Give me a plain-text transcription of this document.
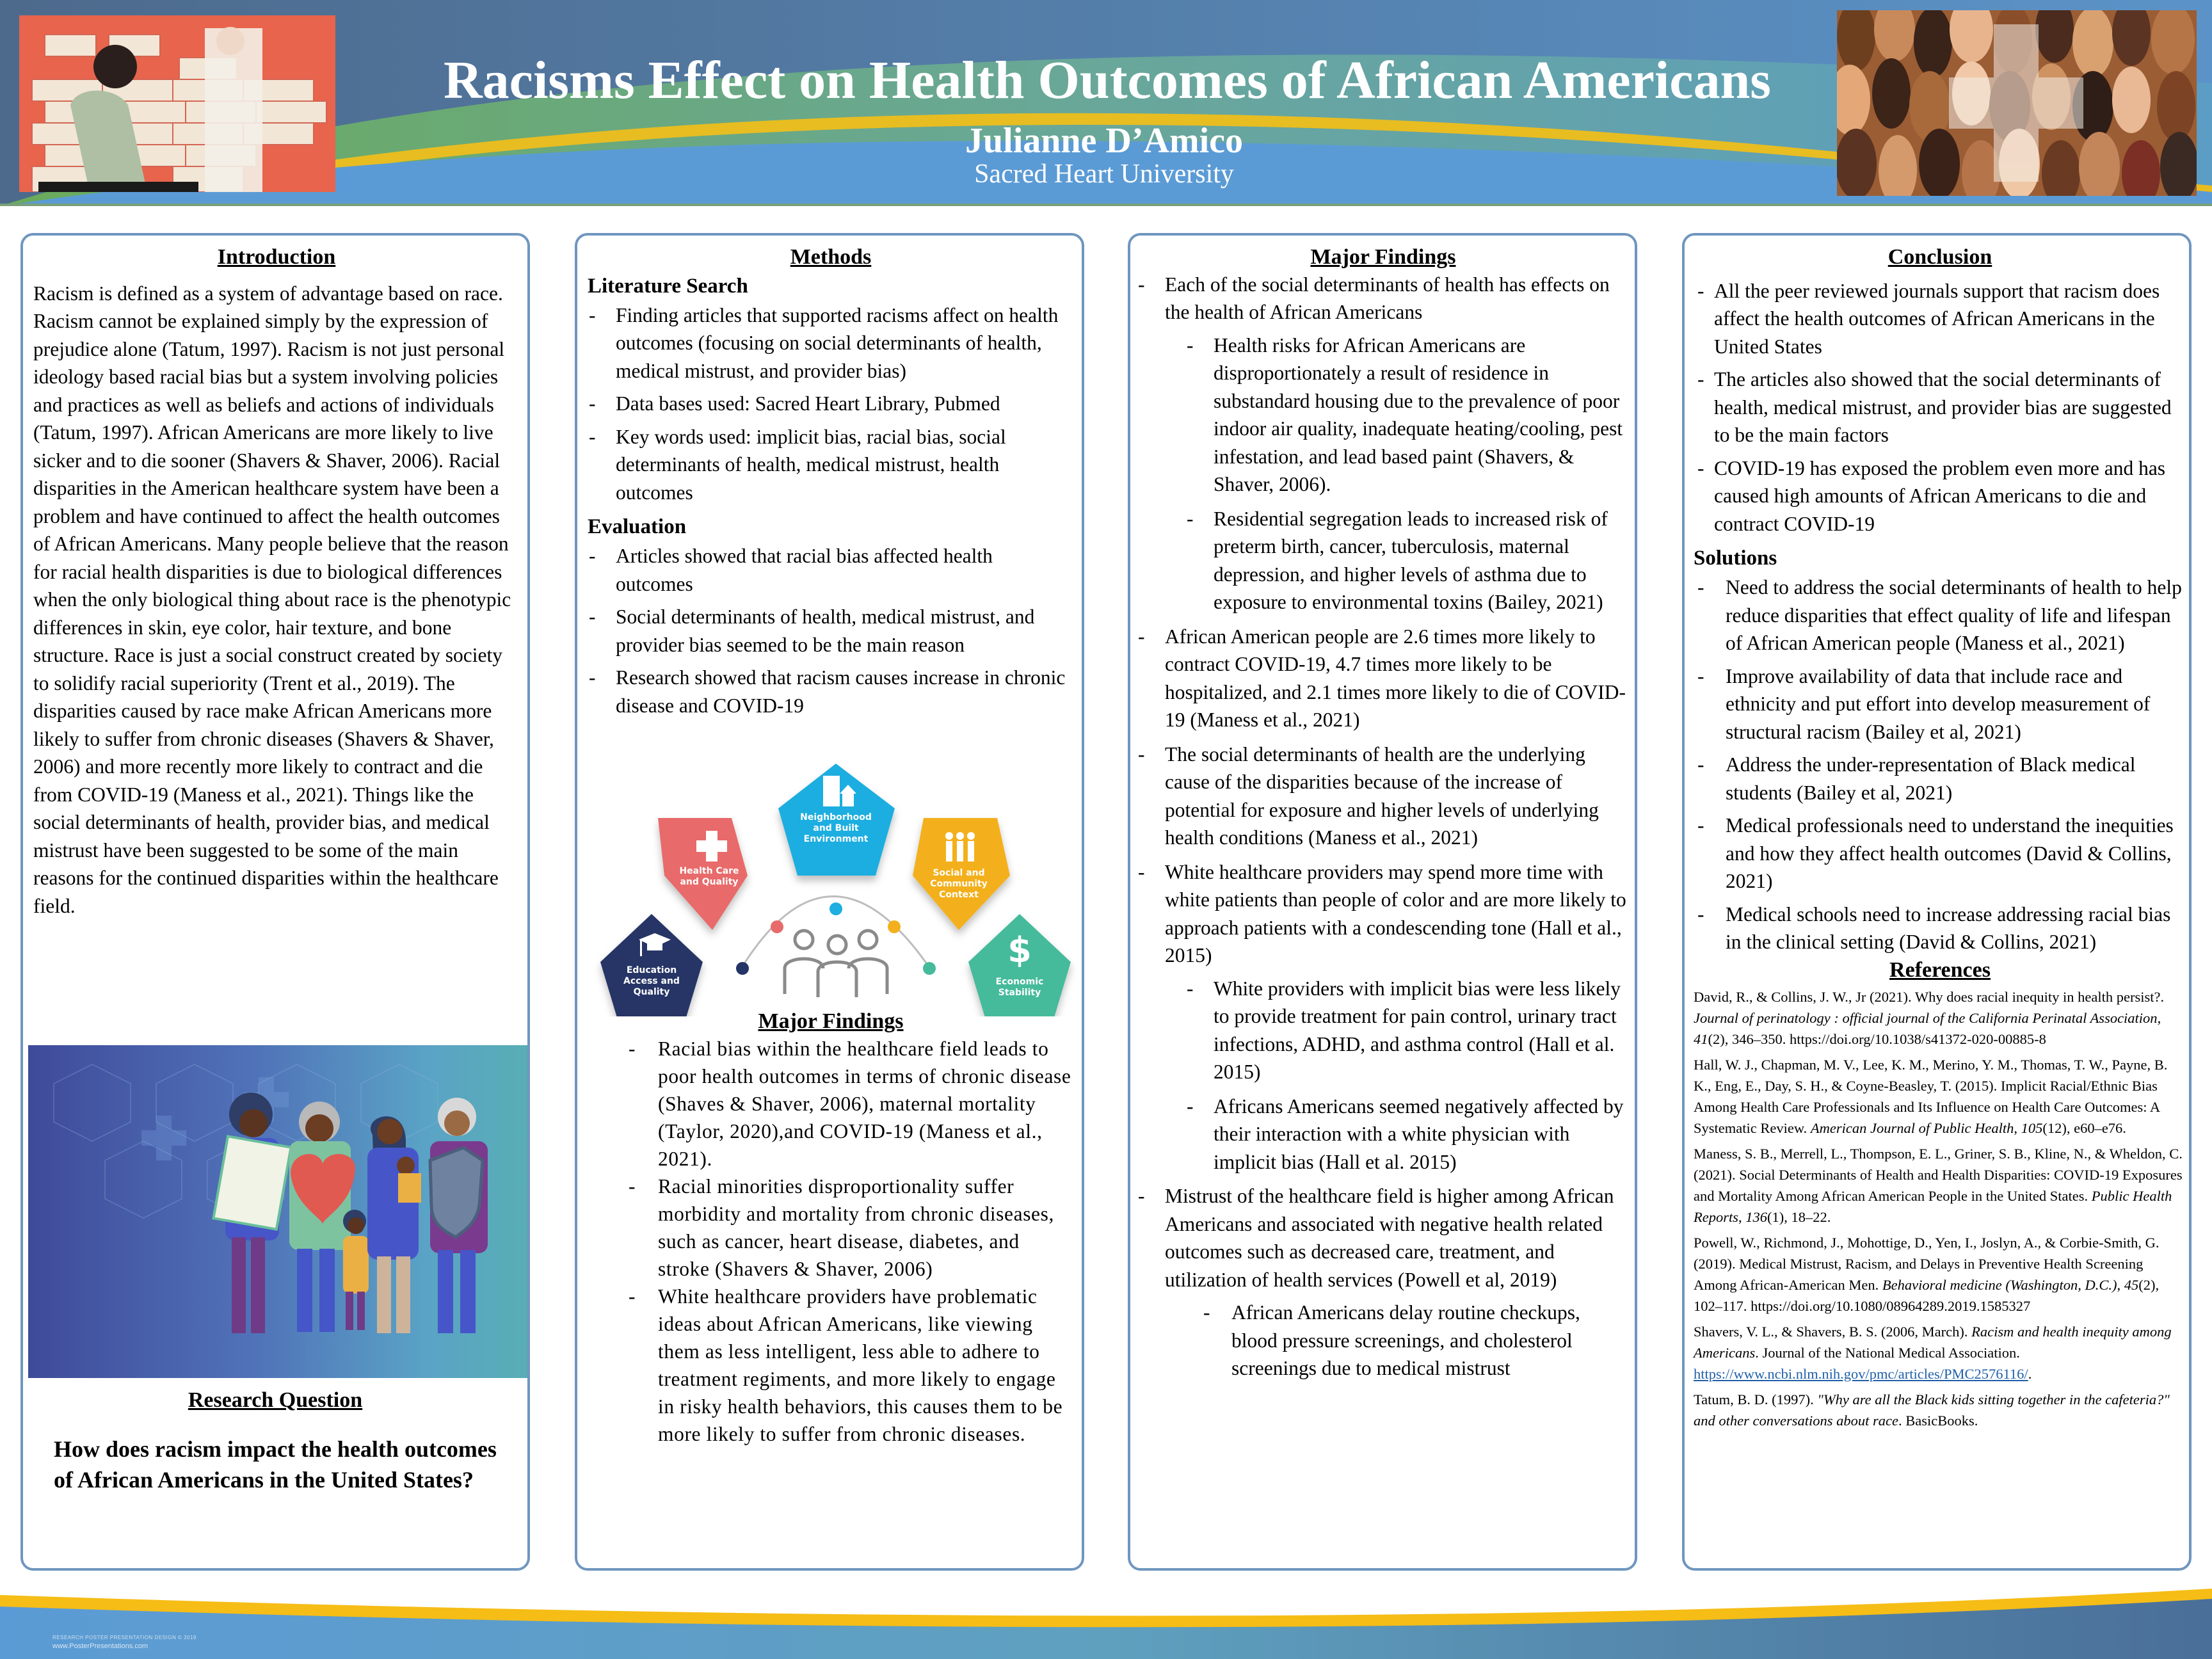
Racisms Effect on Health Outcomes of African Americans
Julianne D’Amico
Sacred Heart University
Introduction
Racism is defined as a system of advantage based on race. Racism cannot be explained simply by the expression of prejudice alone (Tatum, 1997). Racism is not just personal ideology based racial bias but a system involving policies and practices as well as beliefs and actions of individuals (Tatum, 1997). African Americans are more likely to live sicker and to die sooner (Shavers & Shaver, 2006). Racial disparities in the American healthcare system have been a problem and have continued to affect the health outcomes of African Americans. Many people believe that the reason for racial health disparities is due to biological differences when the only biological thing about race is the phenotypic differences in skin, eye color, hair texture, and bone structure. Race is just a social construct created by society to solidify racial superiority (Trent et al., 2019). The disparities caused by race make African Americans more likely to suffer from chronic diseases (Shavers & Shaver, 2006) and more recently more likely to contract and die from COVID-19 (Maness et al., 2021). Things like the social determinants of health, provider bias, and medical mistrust have been suggested to be some of the main reasons for the continued disparities within the healthcare field.
Research Question
How does racism impact the health outcomes of African Americans in the United States?
Methods
Literature Search
- Finding articles that supported racisms affect on health outcomes (focusing on social determinants of health, medical mistrust, and provider bias)
- Data bases used: Sacred Heart Library, Pubmed
- Key words used: implicit bias, racial bias, social determinants of health, medical mistrust, health outcomes
Evaluation
- Articles showed that racial bias affected health outcomes
- Social determinants of health, medical mistrust, and provider bias seemed to be the main reason
- Research showed that racism causes increase in chronic disease and COVID-19
$
Education Access and Quality
Health Care and Quality
Neighborhood and Built Environment
Social and Community Context
Economic Stability
Major Findings
- Racial bias within the healthcare field leads to poor health outcomes in terms of chronic disease (Shaves & Shaver, 2006), maternal mortality (Taylor, 2020),and COVID-19 (Maness et al., 2021).
- Racial minorities disproportionality suffer morbidity and mortality from chronic diseases, such as cancer, heart disease, diabetes, and stroke (Shavers & Shaver, 2006)
- White healthcare providers have problematic ideas about African Americans, like viewing them as less intelligent, less able to adhere to treatment regiments, and more likely to engage in risky health behaviors, this causes them to be more likely to suffer from chronic diseases.
Major Findings
- Each of the social determinants of health has effects on the health of African Americans
- Health risks for African Americans are disproportionately a result of residence in substandard housing due to the prevalence of poor indoor air quality, inadequate heating/cooling, pest infestation, and lead based paint (Shavers, & Shaver, 2006).
- Residential segregation leads to increased risk of preterm birth, cancer, tuberculosis, maternal depression, and higher levels of asthma due to exposure to environmental toxins (Bailey, 2021)
- African American people are 2.6 times more likely to contract COVID-19, 4.7 times more likely to be hospitalized, and 2.1 times more likely to die of COVID-19 (Maness et al., 2021)
- The social determinants of health are the underlying cause of the disparities because of the increase of potential for exposure and higher levels of underlying health conditions (Maness et al., 2021)
- White healthcare providers may spend more time with white patients than people of color and are more likely to approach patients with a condescending tone (Hall et al., 2015)
- White providers with implicit bias were less likely to provide treatment for pain control, urinary tract infections, ADHD, and asthma control (Hall et al. 2015)
- Africans Americans seemed negatively affected by their interaction with a white physician with implicit bias (Hall et al. 2015)
- Mistrust of the healthcare field is higher among African Americans and associated with negative health related outcomes such as decreased care, treatment, and utilization of health services (Powell et al, 2019)
- African Americans delay routine checkups, blood pressure screenings, and cholesterol screenings due to medical mistrust
Conclusion
- All the peer reviewed journals support that racism does affect the health outcomes of African Americans in the United States
- The articles also showed that the social determinants of health, medical mistrust, and provider bias are suggested to be the main factors
- COVID-19 has exposed the problem even more and has caused high amounts of African Americans to die and contract COVID-19
Solutions
- Need to address the social determinants of health to help reduce disparities that effect quality of life and lifespan of African American people (Maness et al., 2021)
- Improve availability of data that include race and ethnicity and put effort into develop measurement of structural racism (Bailey et al, 2021)
- Address the under-representation of Black medical students (Bailey et al, 2021)
- Medical professionals need to understand the inequities and how they affect health outcomes (David & Collins, 2021)
- Medical schools need to increase addressing racial bias in the clinical setting (David & Collins, 2021)
References
David, R., & Collins, J. W., Jr (2021). Why does racial inequity in health persist?. Journal of perinatology : official journal of the California Perinatal Association, 41(2), 346–350. https://doi.org/10.1038/s41372-020-00885-8
Hall, W. J., Chapman, M. V., Lee, K. M., Merino, Y. M., Thomas, T. W., Payne, B. K., Eng, E., Day, S. H., & Coyne-Beasley, T. (2015). Implicit Racial/Ethnic Bias Among Health Care Professionals and Its Influence on Health Care Outcomes: A Systematic Review. American Journal of Public Health, 105(12), e60–e76.
Maness, S. B., Merrell, L., Thompson, E. L., Griner, S. B., Kline, N., & Wheldon, C. (2021). Social Determinants of Health and Health Disparities: COVID-19 Exposures and Mortality Among African American People in the United States. Public Health Reports, 136(1), 18–22.
Powell, W., Richmond, J., Mohottige, D., Yen, I., Joslyn, A., & Corbie-Smith, G. (2019). Medical Mistrust, Racism, and Delays in Preventive Health Screening Among African-American Men. Behavioral medicine (Washington, D.C.), 45(2), 102–117. https://doi.org/10.1080/08964289.2019.1585327
Shavers, V. L., & Shavers, B. S. (2006, March). Racism and health inequity among Americans. Journal of the National Medical Association. https://www.ncbi.nlm.nih.gov/pmc/articles/PMC2576116/.
Tatum, B. D. (1997). "Why are all the Black kids sitting together in the cafeteria?" and other conversations about race. BasicBooks.
RESEARCH POSTER PRESENTATION DESIGN © 2019
www.PosterPresentations.com
